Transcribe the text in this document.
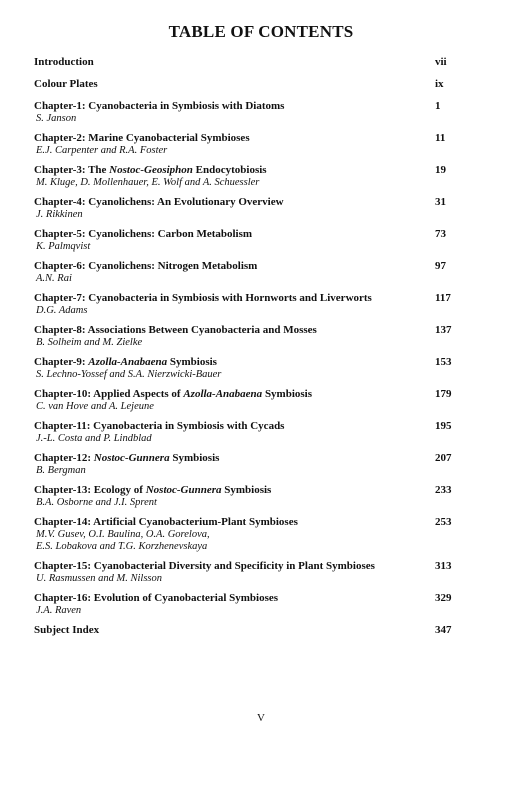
TABLE OF CONTENTS
Introduction	vii
Colour Plates	ix
Chapter-1: Cyanobacteria in Symbiosis with Diatoms	1
S. Janson
Chapter-2: Marine Cyanobacterial Symbioses	11
E.J. Carpenter and R.A. Foster
Chapter-3: The Nostoc-Geosiphon Endocytobiosis	19
M. Kluge, D. Mollenhauer, E. Wolf and A. Schuessler
Chapter-4: Cyanolichens: An Evolutionary Overview	31
J. Rikkinen
Chapter-5: Cyanolichens: Carbon Metabolism	73
K. Palmqvist
Chapter-6: Cyanolichens: Nitrogen Metabolism	97
A.N. Rai
Chapter-7: Cyanobacteria in Symbiosis with Hornworts and Liverworts	117
D.G. Adams
Chapter-8: Associations Between Cyanobacteria and Mosses	137
B. Solheim and M. Zielke
Chapter-9: Azolla-Anabaena Symbiosis	153
S. Lechno-Yossef and S.A. Nierzwicki-Bauer
Chapter-10: Applied Aspects of Azolla-Anabaena Symbiosis	179
C. van Hove and A. Lejeune
Chapter-11: Cyanobacteria in Symbiosis with Cycads	195
J.-L. Costa and P. Lindblad
Chapter-12: Nostoc-Gunnera Symbiosis	207
B. Bergman
Chapter-13: Ecology of Nostoc-Gunnera Symbiosis	233
B.A. Osborne and J.I. Sprent
Chapter-14: Artificial Cyanobacterium-Plant Symbioses	253
M.V. Gusev, O.I. Baulina, O.A. Gorelova,
E.S. Lobakova and T.G. Korzhenevskaya
Chapter-15: Cyanobacterial Diversity and Specificity in Plant Symbioses	313
U. Rasmussen and M. Nilsson
Chapter-16: Evolution of Cyanobacterial Symbioses	329
J.A. Raven
Subject Index	347
V
